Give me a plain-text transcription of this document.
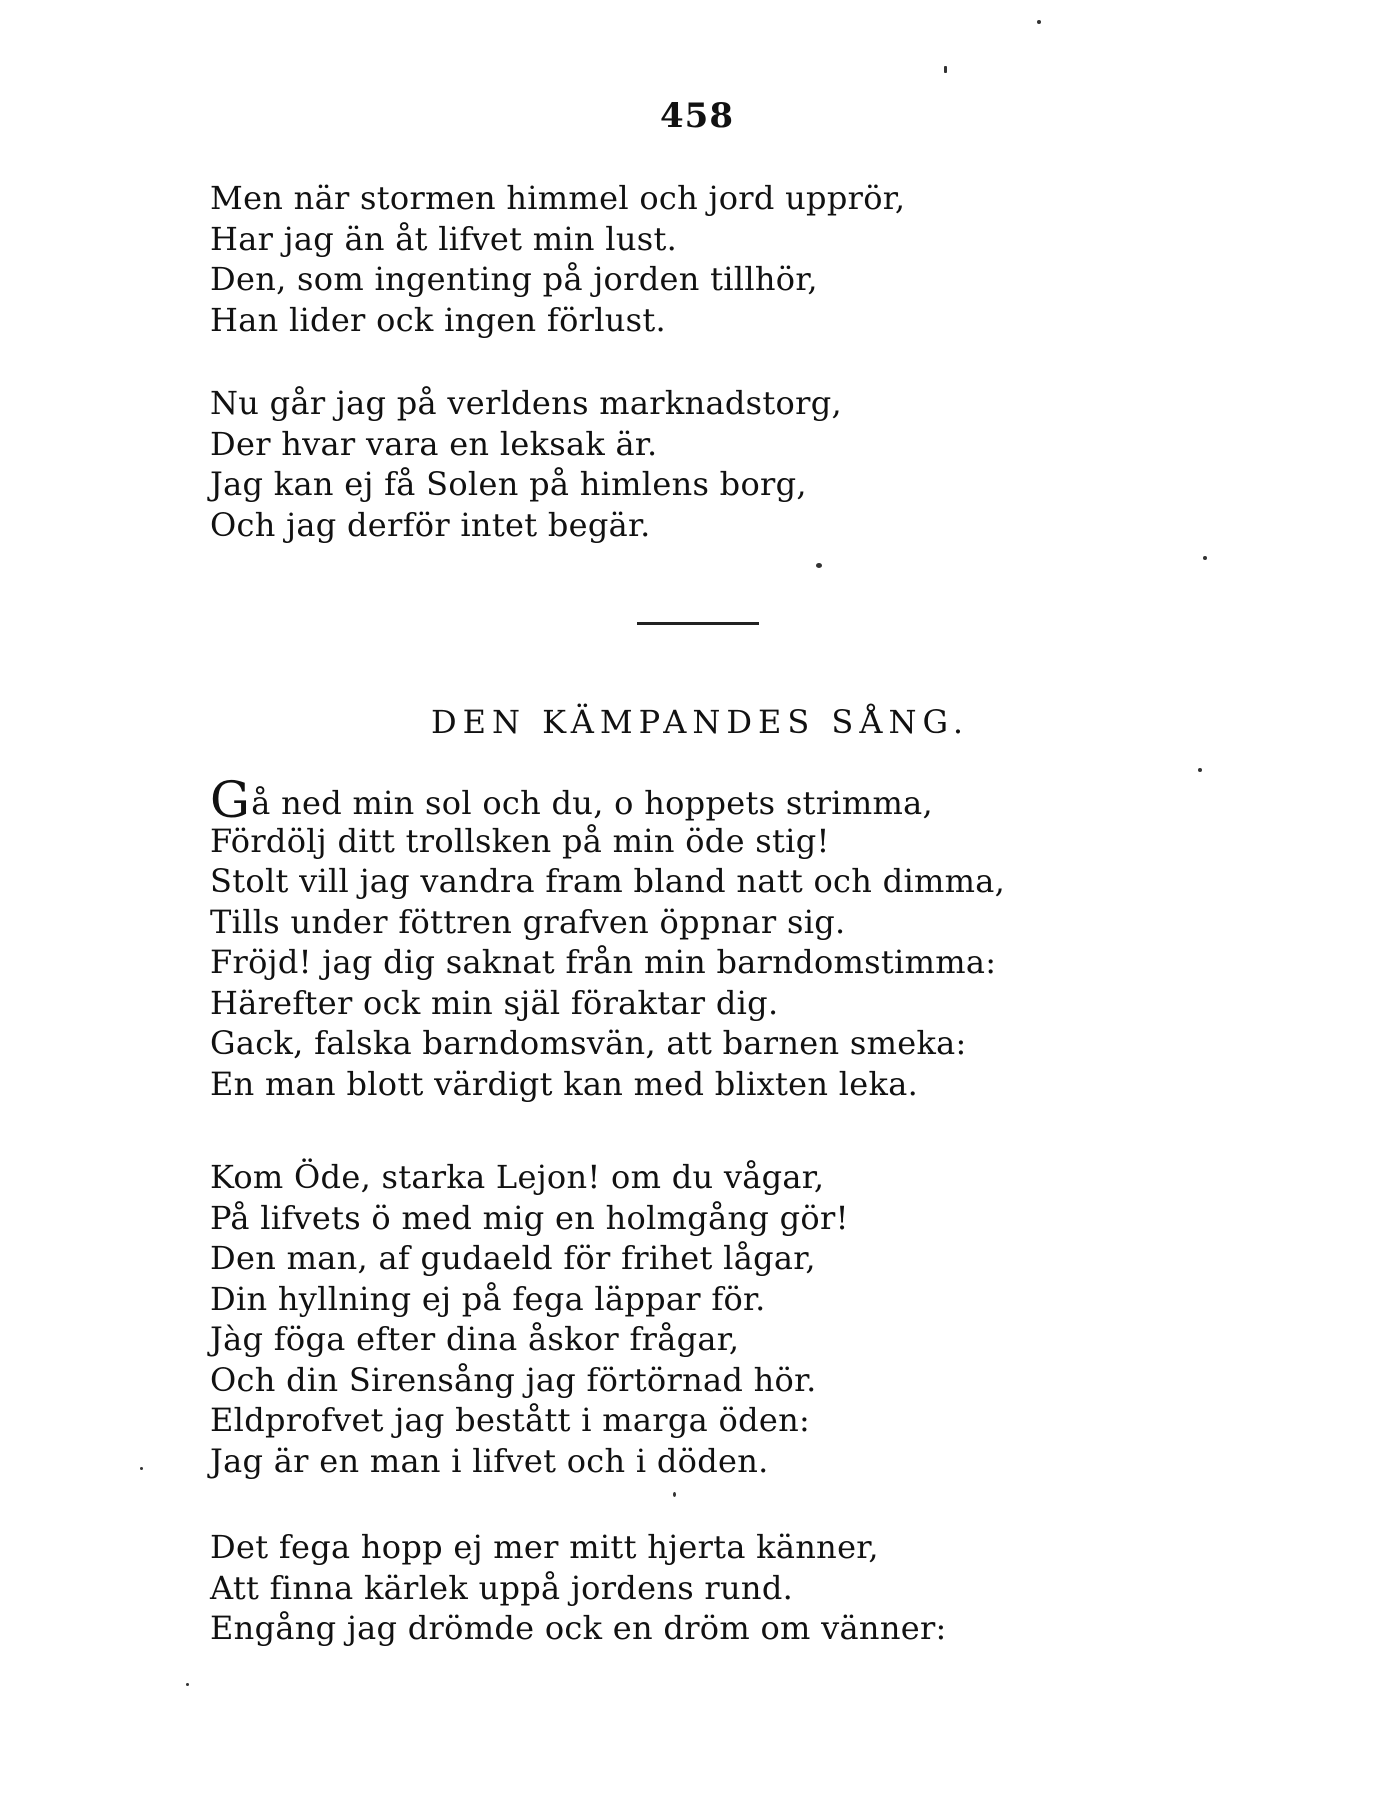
458
Men när stormen himmel och jord upprör,
Har jag än åt lifvet min lust.
Den, som ingenting på jorden tillhör,
Han lider ock ingen förlust.
Nu går jag på verldens marknadstorg,
Der hvar vara en leksak är.
Jag kan ej få Solen på himlens borg,
Och jag derför intet begär.
DEN KÄMPANDES SÅNG.
Gå ned min sol och du, o hoppets strimma,
Fördölj ditt trollsken på min öde stig!
Stolt vill jag vandra fram bland natt och dimma,
Tills under föttren grafven öppnar sig.
Fröjd! jag dig saknat från min barndomstimma:
Härefter ock min själ föraktar dig.
Gack, falska barndomsvän, att barnen smeka:
En man blott värdigt kan med blixten leka.
Kom Öde, starka Lejon! om du vågar,
På lifvets ö med mig en holmgång gör!
Den man, af gudaeld för frihet lågar,
Din hyllning ej på fega läppar för.
Jàg föga efter dina åskor frågar,
Och din Sirensång jag förtörnad hör.
Eldprofvet jag bestått i marga öden:
Jag är en man i lifvet och i döden.
Det fega hopp ej mer mitt hjerta känner,
Att finna kärlek uppå jordens rund.
Engång jag drömde ock en dröm om vänner:
